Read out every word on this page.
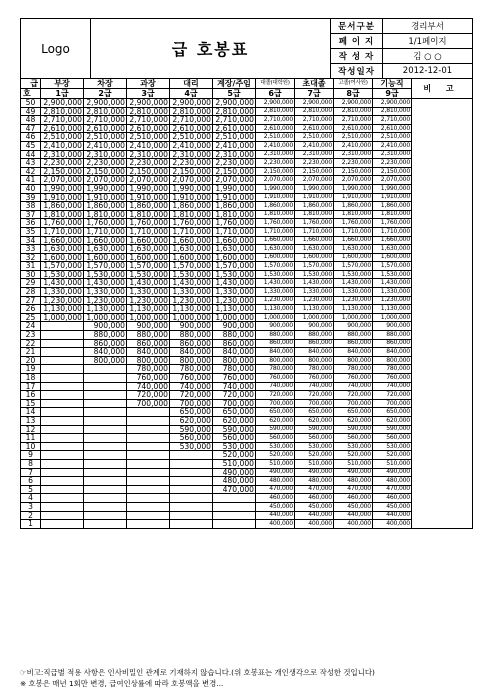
Logo	급 호봉표	문서구분	경리부서
		페 이 지	1/1페이지
		작 성 자	김 ○ ○
		작성일자	2012-12-01
급	부장	차장	과장	대리	계장/주임	대졸(대학원)	초대졸	고졸(여사원)	기능직	비 고
호	1급	2급	3급	4급	5급	6급	7급	8급	9급	
50	2,900,000	2,900,000	2,900,000	2,900,000	2,900,000	2,900,000	2,900,000	2,900,000	2,900,000	
49	2,810,000	2,810,000	2,810,000	2,810,000	2,810,000	2,810,000	2,810,000	2,810,000	2,810,000	
48	2,710,000	2,710,000	2,710,000	2,710,000	2,710,000	2,710,000	2,710,000	2,710,000	2,710,000	
47	2,610,000	2,610,000	2,610,000	2,610,000	2,610,000	2,610,000	2,610,000	2,610,000	2,610,000	
46	2,510,000	2,510,000	2,510,000	2,510,000	2,510,000	2,510,000	2,510,000	2,510,000	2,510,000	
45	2,410,000	2,410,000	2,410,000	2,410,000	2,410,000	2,410,000	2,410,000	2,410,000	2,410,000	
44	2,310,000	2,310,000	2,310,000	2,310,000	2,310,000	2,310,000	2,310,000	2,310,000	2,310,000	
43	2,230,000	2,230,000	2,230,000	2,230,000	2,230,000	2,230,000	2,230,000	2,230,000	2,230,000	
42	2,150,000	2,150,000	2,150,000	2,150,000	2,150,000	2,150,000	2,150,000	2,150,000	2,150,000	
41	2,070,000	2,070,000	2,070,000	2,070,000	2,070,000	2,070,000	2,070,000	2,070,000	2,070,000	
40	1,990,000	1,990,000	1,990,000	1,990,000	1,990,000	1,990,000	1,990,000	1,990,000	1,990,000	
39	1,910,000	1,910,000	1,910,000	1,910,000	1,910,000	1,910,000	1,910,000	1,910,000	1,910,000	
38	1,860,000	1,860,000	1,860,000	1,860,000	1,860,000	1,860,000	1,860,000	1,860,000	1,860,000	
37	1,810,000	1,810,000	1,810,000	1,810,000	1,810,000	1,810,000	1,810,000	1,810,000	1,810,000	
36	1,760,000	1,760,000	1,760,000	1,760,000	1,760,000	1,760,000	1,760,000	1,760,000	1,760,000	
35	1,710,000	1,710,000	1,710,000	1,710,000	1,710,000	1,710,000	1,710,000	1,710,000	1,710,000	
34	1,660,000	1,660,000	1,660,000	1,660,000	1,660,000	1,660,000	1,660,000	1,660,000	1,660,000	
33	1,630,000	1,630,000	1,630,000	1,630,000	1,630,000	1,630,000	1,630,000	1,630,000	1,630,000	
32	1,600,000	1,600,000	1,600,000	1,600,000	1,600,000	1,600,000	1,600,000	1,600,000	1,600,000	
31	1,570,000	1,570,000	1,570,000	1,570,000	1,570,000	1,570,000	1,570,000	1,570,000	1,570,000	
30	1,530,000	1,530,000	1,530,000	1,530,000	1,530,000	1,530,000	1,530,000	1,530,000	1,530,000	
29	1,430,000	1,430,000	1,430,000	1,430,000	1,430,000	1,430,000	1,430,000	1,430,000	1,430,000	
28	1,330,000	1,330,000	1,330,000	1,330,000	1,330,000	1,330,000	1,330,000	1,330,000	1,330,000	
27	1,230,000	1,230,000	1,230,000	1,230,000	1,230,000	1,230,000	1,230,000	1,230,000	1,230,000	
26	1,130,000	1,130,000	1,130,000	1,130,000	1,130,000	1,130,000	1,130,000	1,130,000	1,130,000	
25	1,000,000	1,000,000	1,000,000	1,000,000	1,000,000	1,000,000	1,000,000	1,000,000	1,000,000	
24		900,000	900,000	900,000	900,000	900,000	900,000	900,000	900,000	
23		880,000	880,000	880,000	880,000	880,000	880,000	880,000	880,000	
22		860,000	860,000	860,000	860,000	860,000	860,000	860,000	860,000	
21		840,000	840,000	840,000	840,000	840,000	840,000	840,000	840,000	
20		800,000	800,000	800,000	800,000	800,000	800,000	800,000	800,000	
19			780,000	780,000	780,000	780,000	780,000	780,000	780,000	
18			760,000	760,000	760,000	760,000	760,000	760,000	760,000	
17			740,000	740,000	740,000	740,000	740,000	740,000	740,000	
16			720,000	720,000	720,000	720,000	720,000	720,000	720,000	
15			700,000	700,000	700,000	700,000	700,000	700,000	700,000	
14				650,000	650,000	650,000	650,000	650,000	650,000	
13				620,000	620,000	620,000	620,000	620,000	620,000	
12				590,000	590,000	590,000	590,000	590,000	590,000	
11				560,000	560,000	560,000	560,000	560,000	560,000	
10				530,000	530,000	530,000	530,000	530,000	530,000	
9					520,000	520,000	520,000	520,000	520,000	
8					510,000	510,000	510,000	510,000	510,000	
7					490,000	490,000	490,000	490,000	490,000	
6					480,000	480,000	480,000	480,000	480,000	
5					470,000	470,000	470,000	470,000	470,000	
4						460,000	460,000	460,000	460,000	
3						450,000	450,000	450,000	450,000	
2						440,000	440,000	440,000	440,000	
1						400,000	400,000	400,000	400,000	
☞비고:직급별 적용 사항은 인사비밀인 관계로 기재하지 않습니다.(위 호봉표는 개인생각으로 작성한 것입니다)
※ 호봉은 매년 1회만 변경, 급여인상률에 따라 호봉액을 변경...
